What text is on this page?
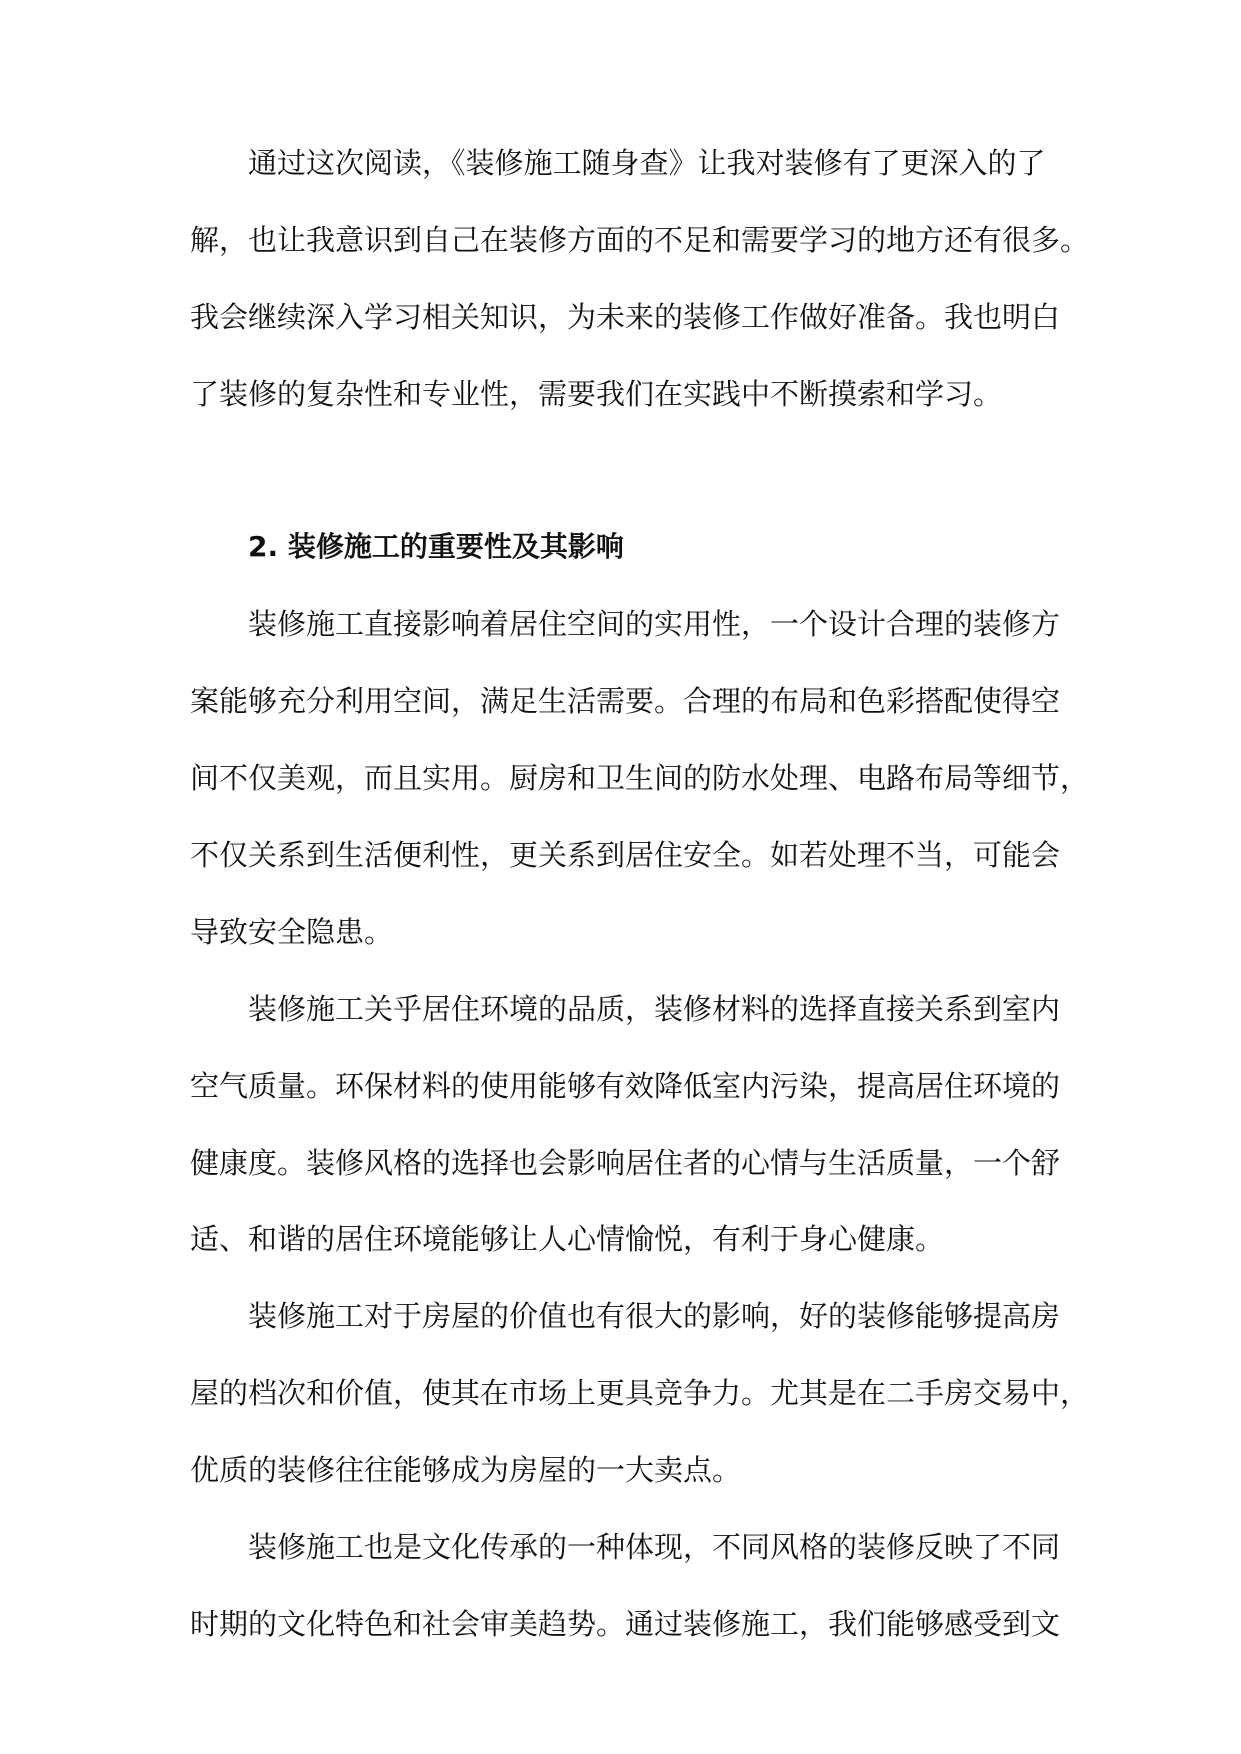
通过这次阅读，《装修施工随身查》让我对装修有了更深入的了
解，也让我意识到自己在装修方面的不足和需要学习的地方还有很多。
我会继续深入学习相关知识，为未来的装修工作做好准备。我也明白
了装修的复杂性和专业性，需要我们在实践中不断摸索和学习。
2. 装修施工的重要性及其影响
装修施工直接影响着居住空间的实用性，一个设计合理的装修方
案能够充分利用空间，满足生活需要。合理的布局和色彩搭配使得空
间不仅美观，而且实用。厨房和卫生间的防水处理、电路布局等细节，
不仅关系到生活便利性，更关系到居住安全。如若处理不当，可能会
导致安全隐患。
装修施工关乎居住环境的品质，装修材料的选择直接关系到室内
空气质量。环保材料的使用能够有效降低室内污染，提高居住环境的
健康度。装修风格的选择也会影响居住者的心情与生活质量，一个舒
适、和谐的居住环境能够让人心情愉悦，有利于身心健康。
装修施工对于房屋的价值也有很大的影响，好的装修能够提高房
屋的档次和价值，使其在市场上更具竞争力。尤其是在二手房交易中，
优质的装修往往能够成为房屋的一大卖点。
装修施工也是文化传承的一种体现，不同风格的装修反映了不同
时期的文化特色和社会审美趋势。通过装修施工，我们能够感受到文
